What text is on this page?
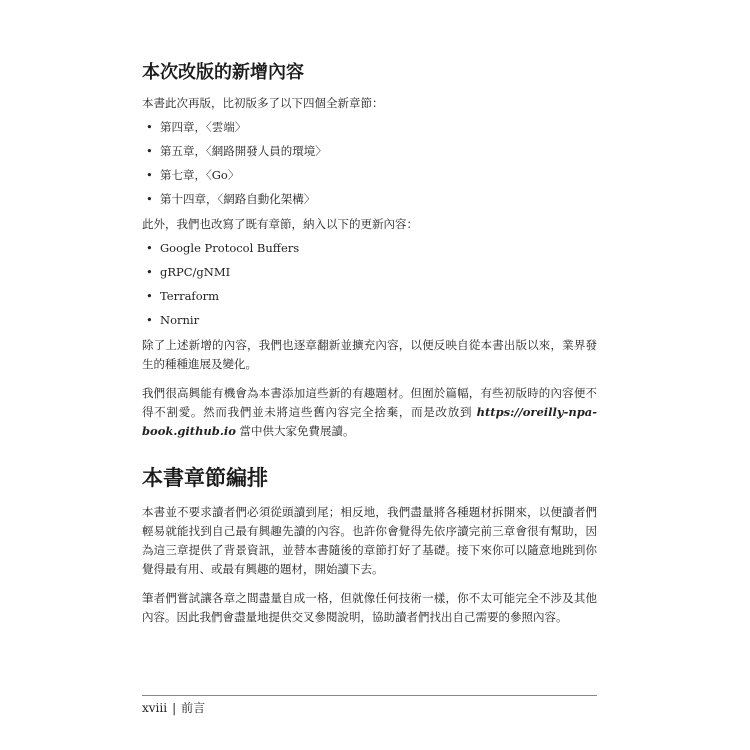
本次改版的新增內容

本書此次再版，比初版多了以下四個全新章節：

• 第四章，〈雲端〉
• 第五章，〈網路開發人員的環境〉
• 第七章，〈Go〉
• 第十四章，〈網路自動化架構〉

此外，我們也改寫了既有章節，納入以下的更新內容：

• Google Protocol Buffers
• gRPC/gNMI
• Terraform
• Nornir

除了上述新增的內容，我們也逐章翻新並擴充內容，以便反映自從本書出版以來，業界發生的種種進展及變化。

我們很高興能有機會為本書添加這些新的有趣題材。但囿於篇幅，有些初版時的內容便不得不割愛。然而我們並未將這些舊內容完全捨棄，而是改放到 https://oreilly-npa-book.github.io 當中供大家免費展讀。

本書章節編排

本書並不要求讀者們必須從頭讀到尾；相反地，我們盡量將各種題材拆開來，以便讀者們輕易就能找到自己最有興趣先讀的內容。也許你會覺得先依序讀完前三章會很有幫助，因為這三章提供了背景資訊，並替本書隨後的章節打好了基礎。接下來你可以隨意地跳到你覺得最有用、或最有興趣的題材，開始讀下去。

筆者們嘗試讓各章之間盡量自成一格，但就像任何技術一樣，你不太可能完全不涉及其他內容。因此我們會盡量地提供交叉參閱說明，協助讀者們找出自己需要的參照內容。

xviii | 前言
